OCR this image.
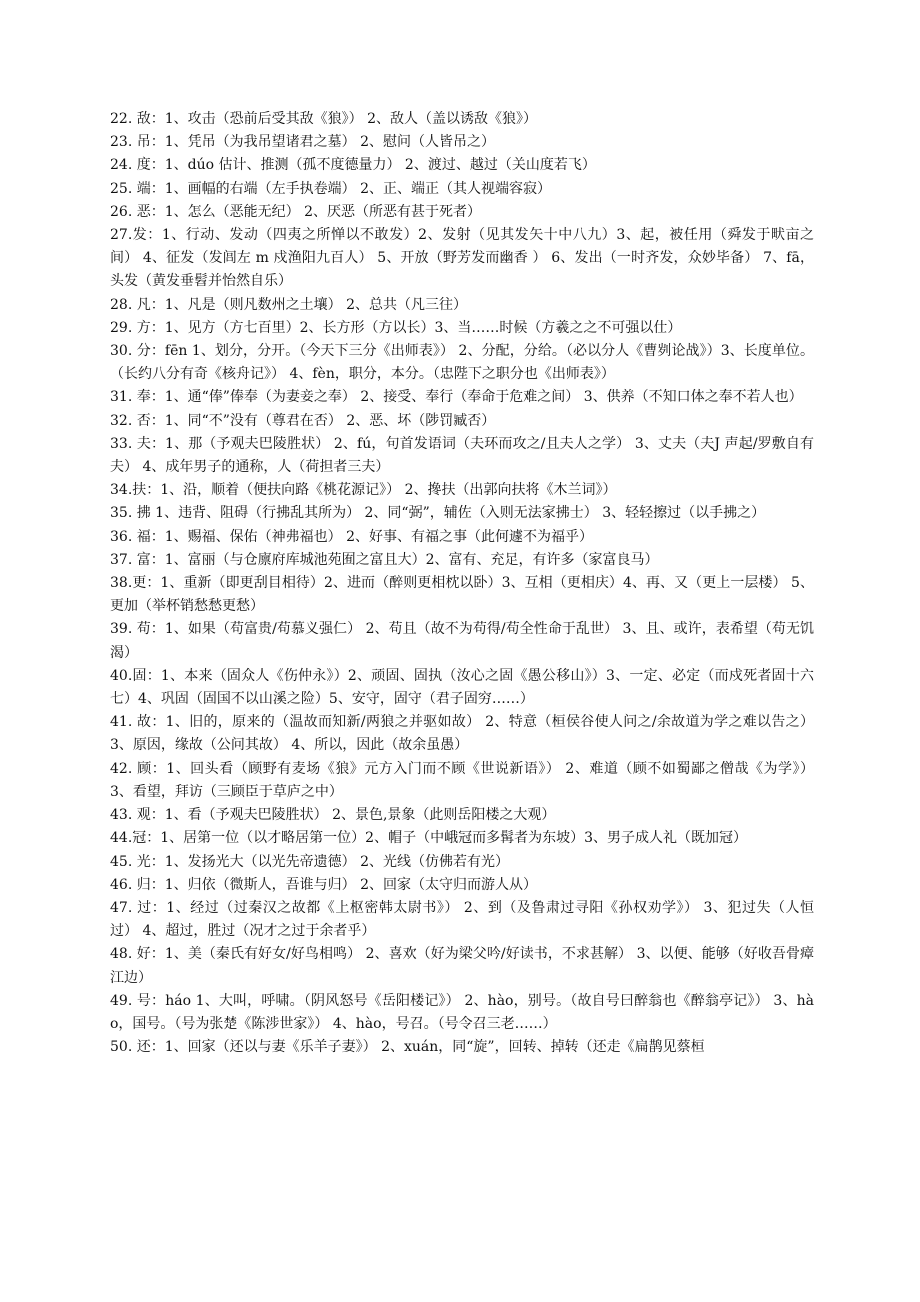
22. 敌：1、攻击（恐前后受其敌《狼》） 2、敌人（盖以诱敌《狼》）

23. 吊：1、凭吊（为我吊望诸君之墓） 2、慰问（人皆吊之）

24. 度：1、dúo 估计、推测（孤不度德量力） 2、渡过、越过（关山度若飞）

25. 端：1、画幅的右端（左手执卷端） 2、正、端正（其人视端容寂）

26. 恶：1、怎么（恶能无纪） 2、厌恶（所恶有甚于死者）

27.发：1、行动、发动（四夷之所惮以不敢发）2、发射（见其发矢十中八九）3、起，被任用（舜发于畎亩之间） 4、征发（发闾左 m 戍渔阳九百人） 5、开放（野芳发而幽香 ） 6、发出（一时齐发，众妙毕备） 7、fā，头发（黄发垂髫并怡然自乐）

28. 凡：1、凡是（则凡数州之土壤） 2、总共（凡三往）

29. 方：1、见方（方七百里）2、长方形（方以长）3、当……时候（方羲之之不可强以仕）

30. 分：fēn 1、划分，分开。（今天下三分《出师表》） 2、分配，分给。（必以分人《曹刿论战》）3、长度单位。（长约八分有奇《核舟记》） 4、fèn，职分，本分。（忠陛下之职分也《出师表》）

31. 奉：1、通“俸”俸奉（为妻妾之奉） 2、接受、奉行（奉命于危难之间） 3、供养（不知口体之奉不若人也）

32. 否：1、同“不”没有（尊君在否） 2、恶、坏（陟罚臧否）

33. 夫：1、那（予观夫巴陵胜状） 2、fú，句首发语词（夫环而攻之/且夫人之学） 3、丈夫（夫J 声起/罗敷自有夫） 4、成年男子的通称，人（荷担者三夫）

34.扶：1、沿，顺着（便扶向路《桃花源记》） 2、搀扶（出郭向扶将《木兰词》）

35. 拂 1、违背、阻碍（行拂乱其所为） 2、同“弼”，辅佐（入则无法家拂士） 3、轻轻擦过（以手拂之）

36. 福：1、赐福、保佑（神弗福也） 2、好事、有福之事（此何遽不为福乎）

37. 富：1、富丽（与仓廪府库城池苑囿之富且大）2、富有、充足，有许多（家富良马）

38.更：1、重新（即更刮目相待）2、进而（醉则更相枕以卧）3、互相（更相庆）4、再、又（更上一层楼） 5、更加（举杯销愁愁更愁）

39. 苟：1、如果（苟富贵/苟慕义强仁） 2、苟且（故不为苟得/苟全性命于乱世） 3、且、或许，表希望（苟无饥渴）

40.固：1、本来（固众人《伤仲永》）2、顽固、固执（汝心之固《愚公移山》）3、一定、必定（而戍死者固十六七）4、巩固（固国不以山溪之险）5、安守，固守（君子固穷……）

41. 故：1、旧的，原来的（温故而知新/两狼之并驱如故） 2、特意（桓侯谷使人问之/余故道为学之难以告之） 3、原因，缘故（公问其故） 4、所以，因此（故余虽愚）

42. 顾：1、回头看（顾野有麦场《狼》元方入门而不顾《世说新语》） 2、难道（顾不如蜀鄙之僧哉《为学》） 3、看望，拜访（三顾臣于草庐之中）

43. 观：1、看（予观夫巴陵胜状） 2、景色,景象（此则岳阳楼之大观）

44.冠：1、居第一位（以才略居第一位）2、帽子（中峨冠而多髯者为东坡）3、男子成人礼（既加冠）

45. 光：1、发扬光大（以光先帝遗德） 2、光线（仿佛若有光）

46. 归：1、归依（微斯人，吾谁与归） 2、回家（太守归而游人从）

47. 过：1、经过（过秦汉之故都《上枢密韩太尉书》） 2、到（及鲁肃过寻阳《孙权劝学》） 3、犯过失（人恒过） 4、超过，胜过（况才之过于余者乎）

48. 好：1、美（秦氏有好女/好鸟相鸣） 2、喜欢（好为梁父吟/好读书，不求甚解） 3、以便、能够（好收吾骨瘴江边）

49. 号：háo 1、大叫，呼啸。（阴风怒号《岳阳楼记》） 2、hào，别号。（故自号曰醉翁也《醉翁亭记》） 3、hào，国号。（号为张楚《陈涉世家》） 4、hào，号召。（号令召三老……）

50. 还：1、回家（还以与妻《乐羊子妻》） 2、xuán，同“旋”，回转、掉转（还走《扁鹊见蔡桓
